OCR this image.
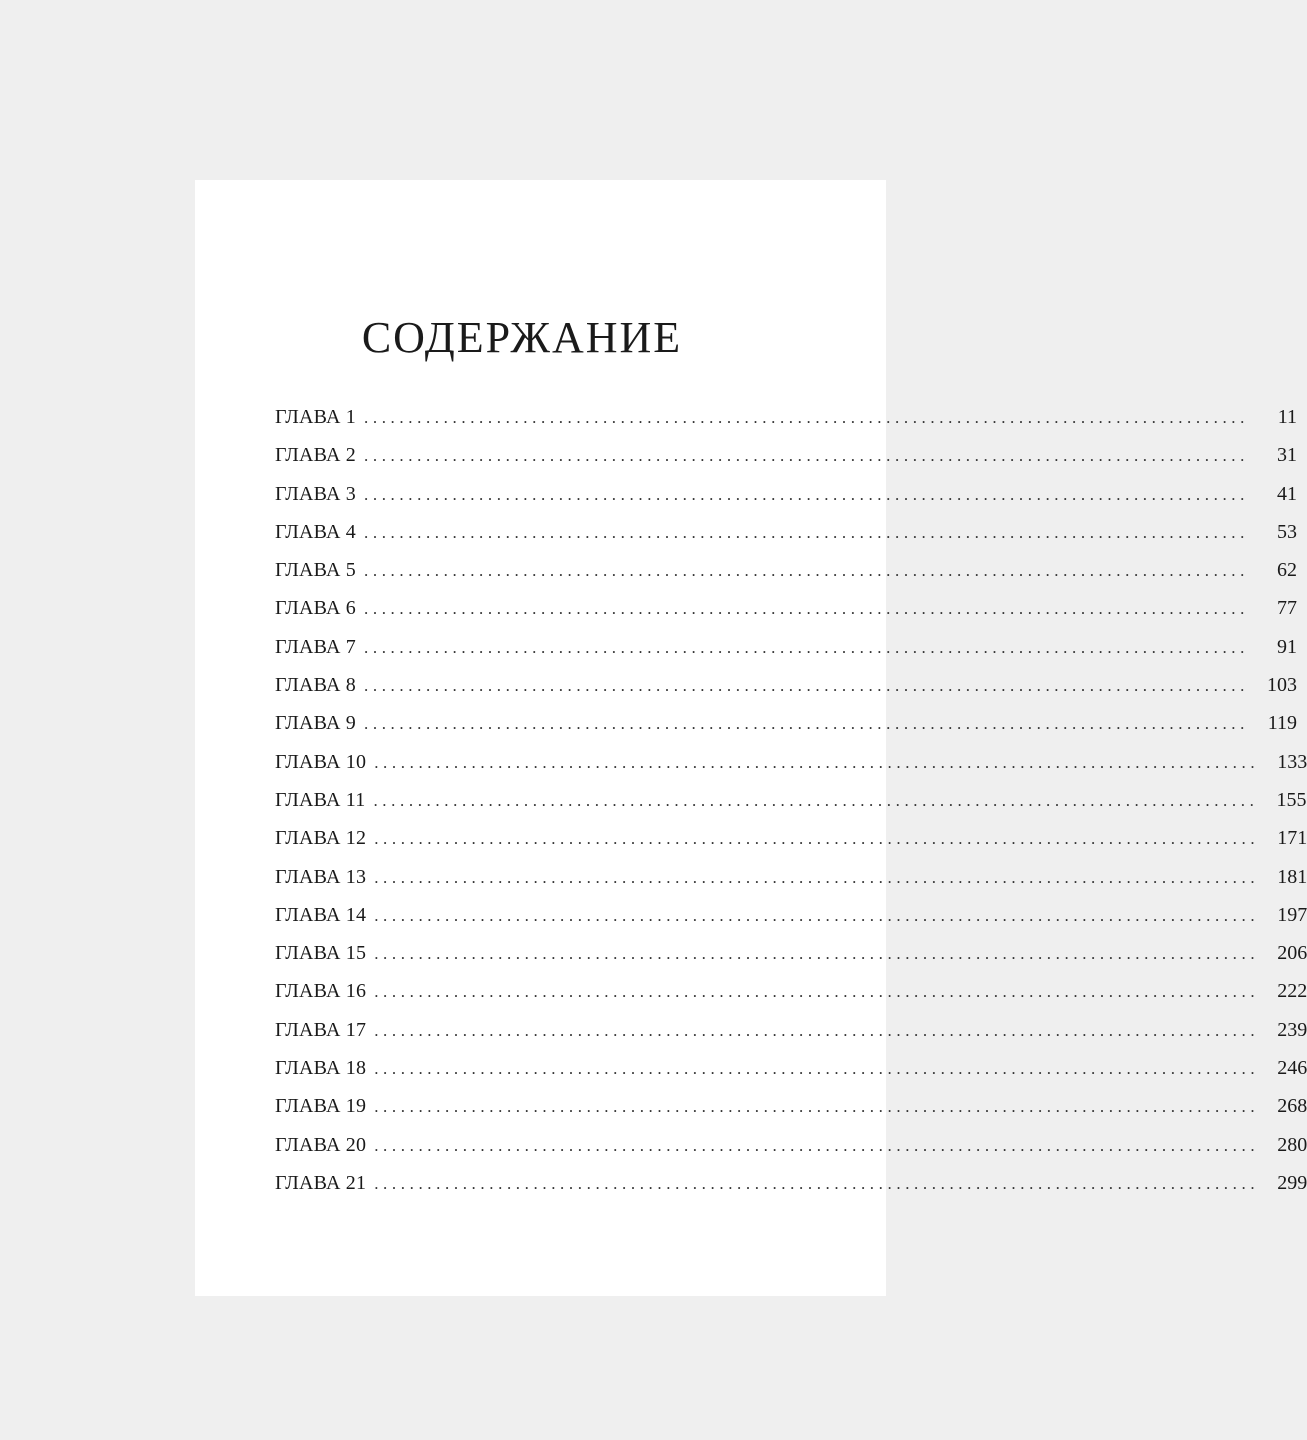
СОДЕРЖАНИЕ
ГЛАВА 1 ....................................................................................................	11
ГЛАВА 2 ....................................................................................................	31
ГЛАВА 3 ....................................................................................................	41
ГЛАВА 4 ....................................................................................................	53
ГЛАВА 5 ....................................................................................................	62
ГЛАВА 6 ....................................................................................................	77
ГЛАВА 7 ....................................................................................................	91
ГЛАВА 8 .................................................................................................... 103
ГЛАВА 9 .................................................................................................... 119
ГЛАВА 10 .................................................................................................... 133
ГЛАВА 11 .................................................................................................... 155
ГЛАВА 12 .................................................................................................... 171
ГЛАВА 13 .................................................................................................... 181
ГЛАВА 14 .................................................................................................... 197
ГЛАВА 15 .................................................................................................... 206
ГЛАВА 16 .................................................................................................... 222
ГЛАВА 17 .................................................................................................... 239
ГЛАВА 18 .................................................................................................... 246
ГЛАВА 19 .................................................................................................... 268
ГЛАВА 20 .................................................................................................... 280
ГЛАВА 21 .................................................................................................... 299
